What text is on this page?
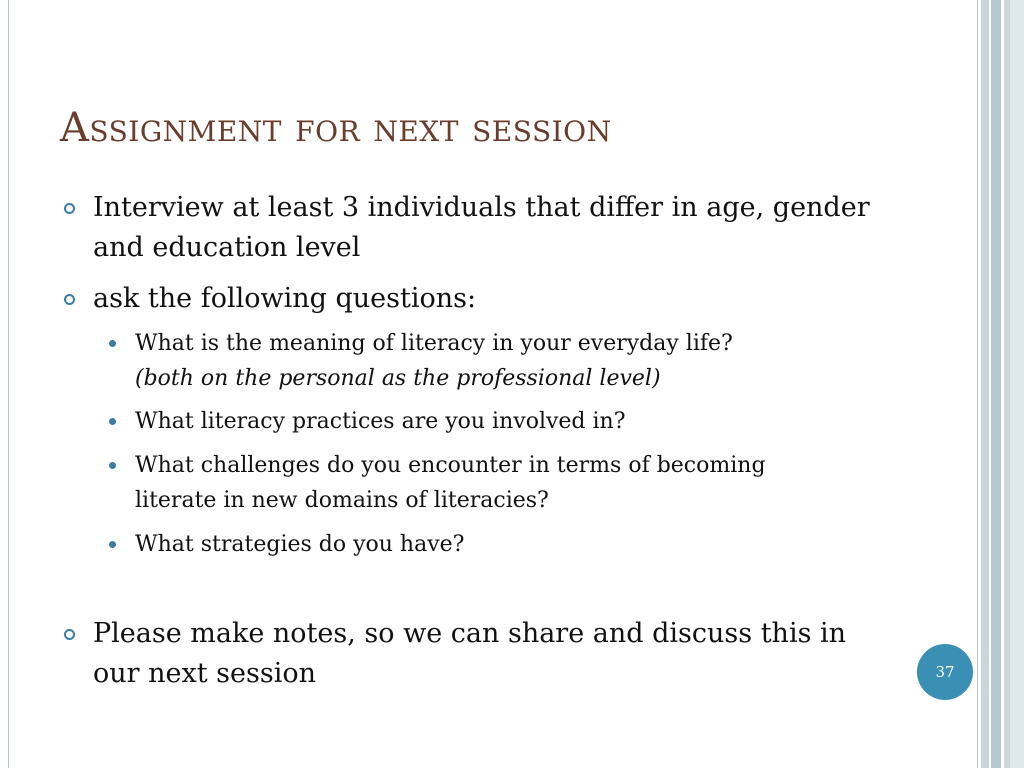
Assignment for next session
Interview at least 3 individuals that differ in age, gender and education level
ask the following questions:
What is the meaning of literacy in your everyday life?
(both on the personal as the professional level)
What literacy practices are you involved in?
What challenges do you encounter in terms of becoming literate in new domains of literacies?
What strategies do you have?
Please make notes, so we can share and discuss this in our next session	37
